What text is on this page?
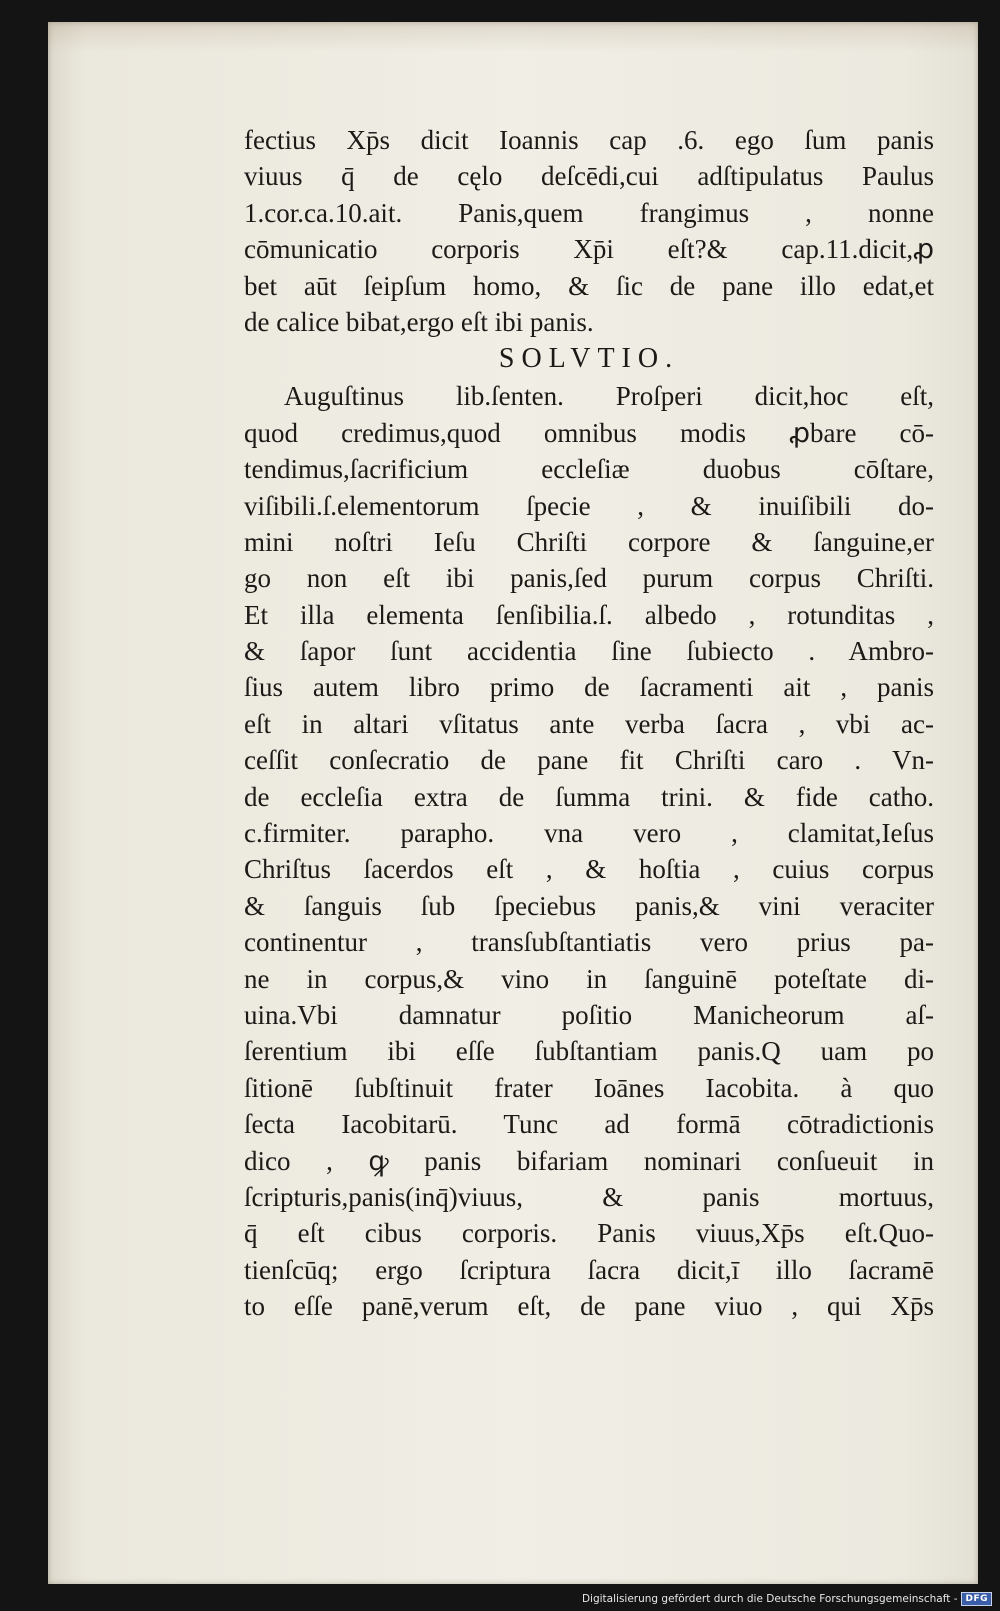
fectius Xp̄s dicit Ioannis cap .6. ego ſum panis
viuus q̄ de cęlo deſcēdi,cui adſtipulatus Paulus
1.cor.ca.10.ait. Panis,quem frangimus , nonne
cōmunicatio corporis Xp̄i eſt?& cap.11.dicit,ꝓ
bet aūt ſeipſum homo, & ſic de pane illo edat,et
de calice bibat,ergo eſt ibi panis.
SOLVTIO.
Auguſtinus lib.ſenten. Proſperi dicit,hoc eſt,
quod credimus,quod omnibus modis ꝓbare cō-
tendimus,ſacrificium eccleſiæ duobus cōſtare,
viſibili.ſ.elementorum ſpecie , & inuiſibili do-
mini noſtri Ieſu Chriſti corpore & ſanguine,er
go non eſt ibi panis,ſed purum corpus Chriſti.
Et illa elementa ſenſibilia.ſ. albedo , rotunditas ,
& ſapor ſunt accidentia ſine ſubiecto . Ambro-
ſius autem libro primo de ſacramenti ait , panis
eſt in altari vſitatus ante verba ſacra , vbi ac-
ceſſit conſecratio de pane fit Chriſti caro . Vn-
de eccleſia extra de ſumma trini. & fide catho.
c.firmiter. parapho. vna vero , clamitat,Ieſus
Chriſtus ſacerdos eſt , & hoſtia , cuius corpus
& ſanguis ſub ſpeciebus panis,& vini veraciter
continentur , transſubſtantiatis vero prius pa-
ne in corpus,& vino in ſanguinē poteſtate di-
uina.Vbi damnatur poſitio Manicheorum aſ-
ſerentium ibi eſſe ſubſtantiam panis.Q uam po
ſitionē ſubſtinuit frater Ioānes Iacobita. à quo
ſecta Iacobitarū. Tunc ad formā cōtradictionis
dico , ꝙ panis bifariam nominari conſueuit in
ſcripturis,panis(inq̄)viuus, & panis mortuus,
q̄ eſt cibus corporis. Panis viuus,Xp̄s eſt.Quo-
tienſcūq; ergo ſcriptura ſacra dicit,ī illo ſacramē
to eſſe panē,verum eſt, de pane viuo , qui Xp̄s
Digitalisierung gefördert durch die Deutsche Forschungsgemeinschaft - DFG
